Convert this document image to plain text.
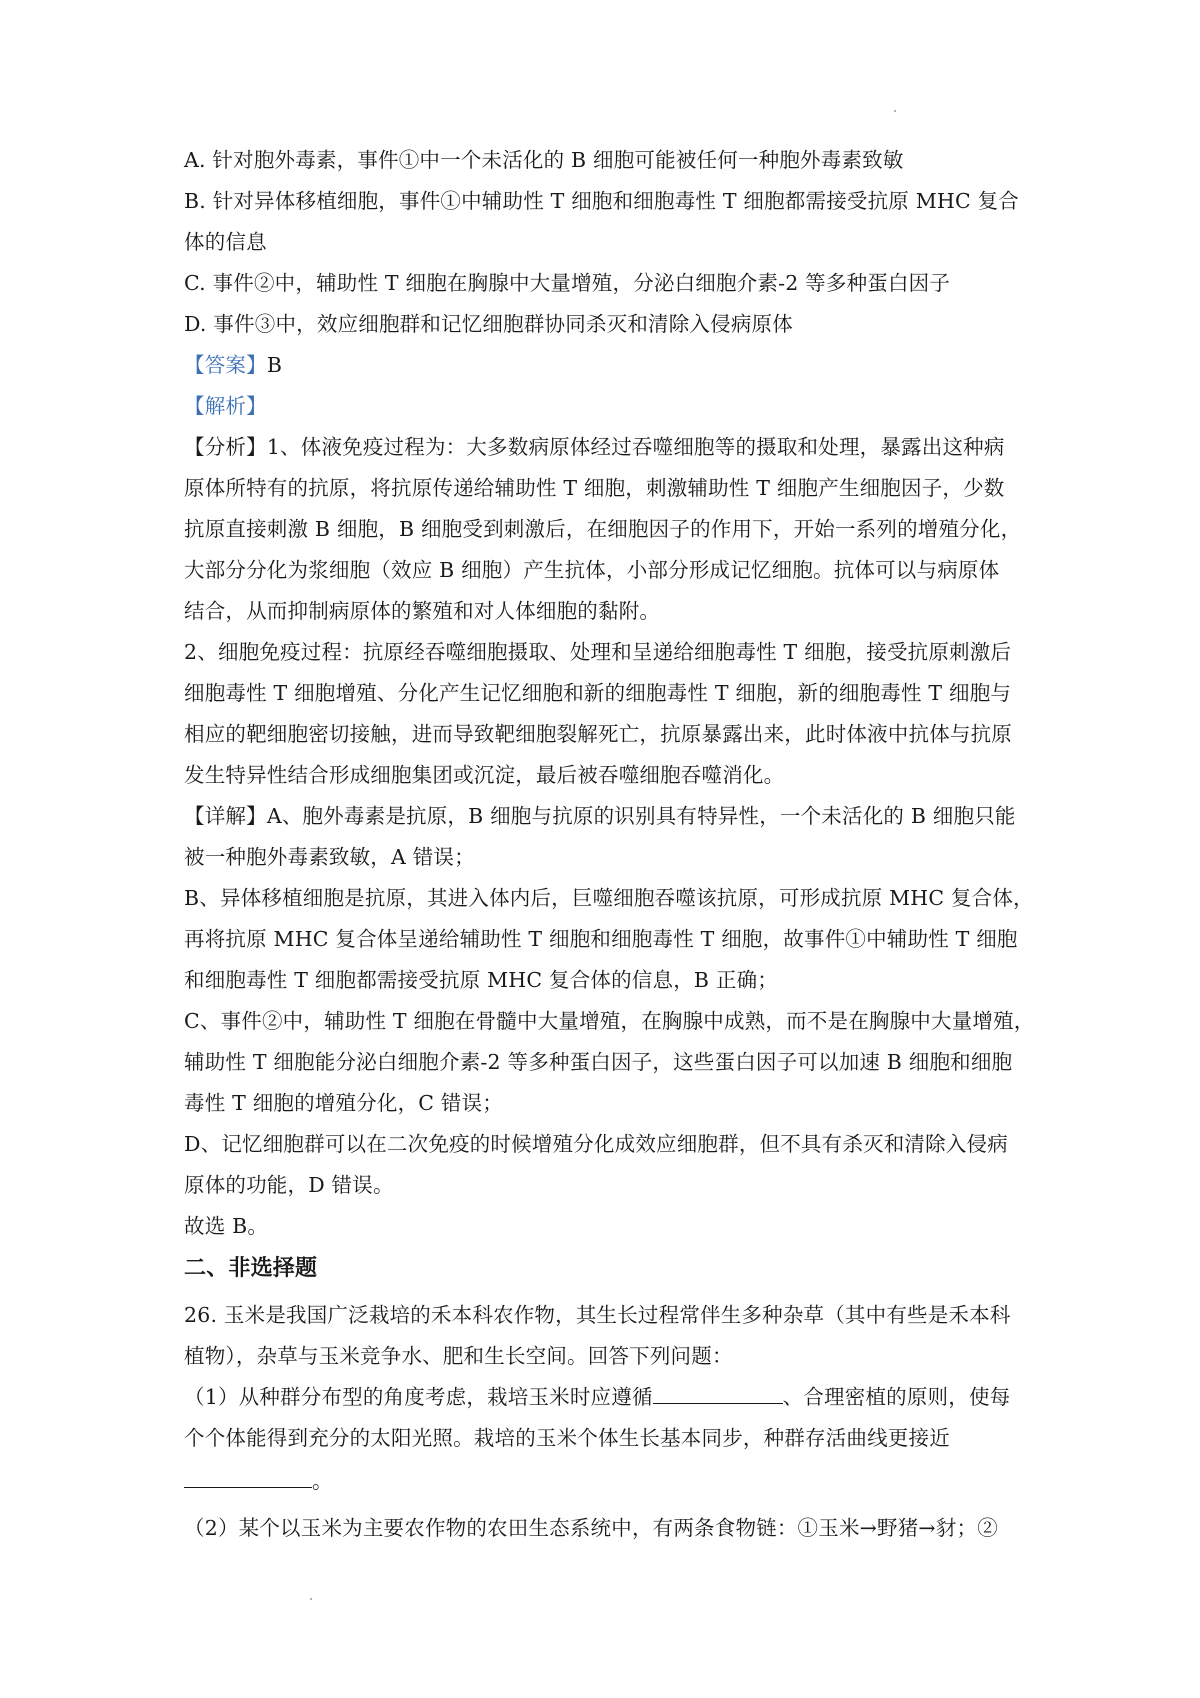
A. 针对胞外毒素，事件①中一个未活化的 B 细胞可能被任何一种胞外毒素致敏
B. 针对异体移植细胞，事件①中辅助性 T 细胞和细胞毒性 T 细胞都需接受抗原 MHC 复合
体的信息
C. 事件②中，辅助性 T 细胞在胸腺中大量增殖，分泌白细胞介素-2 等多种蛋白因子
D. 事件③中，效应细胞群和记忆细胞群协同杀灭和清除入侵病原体
【答案】B
【解析】
【分析】1、体液免疫过程为：大多数病原体经过吞噬细胞等的摄取和处理，暴露出这种病
原体所特有的抗原，将抗原传递给辅助性 T 细胞，刺激辅助性 T 细胞产生细胞因子，少数
抗原直接刺激 B 细胞，B 细胞受到刺激后，在细胞因子的作用下，开始一系列的增殖分化，
大部分分化为浆细胞（效应 B 细胞）产生抗体，小部分形成记忆细胞。抗体可以与病原体
结合，从而抑制病原体的繁殖和对人体细胞的黏附。
2、细胞免疫过程：抗原经吞噬细胞摄取、处理和呈递给细胞毒性 T 细胞，接受抗原刺激后
细胞毒性 T 细胞增殖、分化产生记忆细胞和新的细胞毒性 T 细胞，新的细胞毒性 T 细胞与
相应的靶细胞密切接触，进而导致靶细胞裂解死亡，抗原暴露出来，此时体液中抗体与抗原
发生特异性结合形成细胞集团或沉淀，最后被吞噬细胞吞噬消化。
【详解】A、胞外毒素是抗原，B 细胞与抗原的识别具有特异性，一个未活化的 B 细胞只能
被一种胞外毒素致敏，A 错误；
B、异体移植细胞是抗原，其进入体内后，巨噬细胞吞噬该抗原，可形成抗原 MHC 复合体，
再将抗原 MHC 复合体呈递给辅助性 T 细胞和细胞毒性 T 细胞，故事件①中辅助性 T 细胞
和细胞毒性 T 细胞都需接受抗原 MHC 复合体的信息，B 正确；
C、事件②中，辅助性 T 细胞在骨髓中大量增殖，在胸腺中成熟，而不是在胸腺中大量增殖，
辅助性 T 细胞能分泌白细胞介素-2 等多种蛋白因子，这些蛋白因子可以加速 B 细胞和细胞
毒性 T 细胞的增殖分化，C 错误；
D、记忆细胞群可以在二次免疫的时候增殖分化成效应细胞群，但不具有杀灭和清除入侵病
原体的功能，D 错误。
故选 B。
二、非选择题
26. 玉米是我国广泛栽培的禾本科农作物，其生长过程常伴生多种杂草（其中有些是禾本科
植物），杂草与玉米竞争水、肥和生长空间。回答下列问题：
（1）从种群分布型的角度考虑，栽培玉米时应遵循	、合理密植的原则，使每
个个体能得到充分的太阳光照。栽培的玉米个体生长基本同步，种群存活曲线更接近
。
（2）某个以玉米为主要农作物的农田生态系统中，有两条食物链：①玉米→野猪→豺；②
